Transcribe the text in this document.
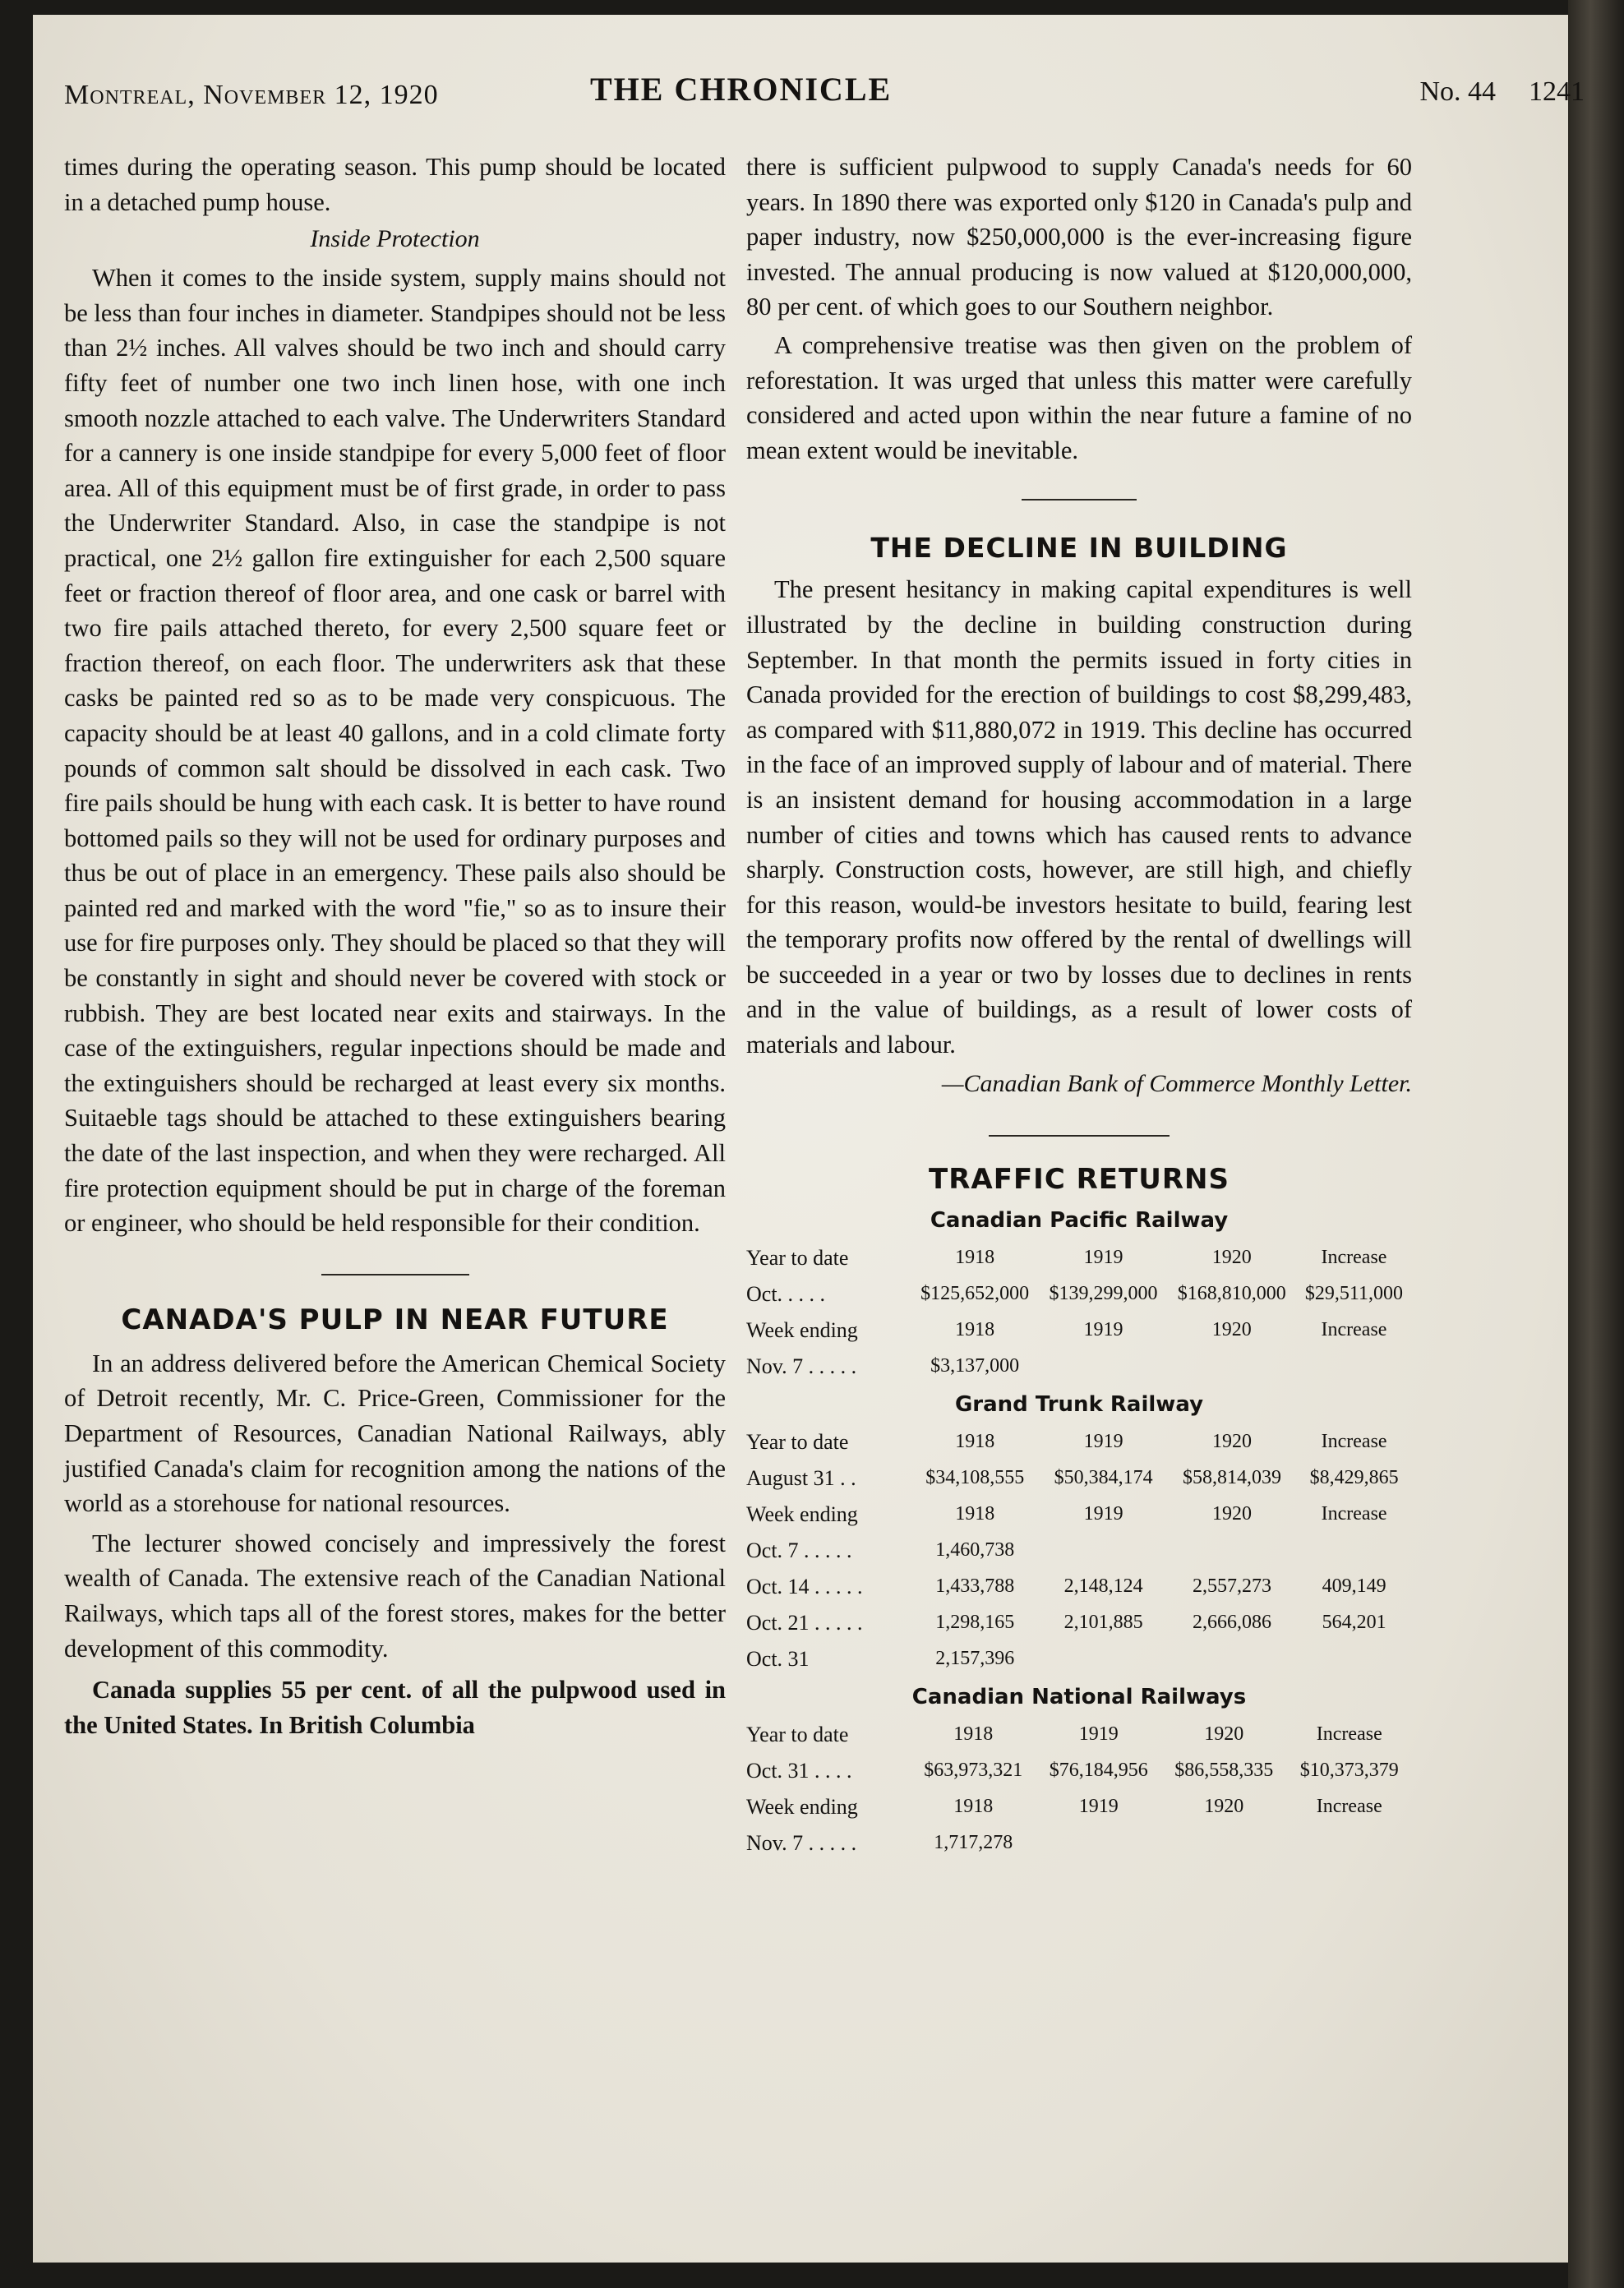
Montreal, November 12, 1920	THE CHRONICLE	No. 44 1241

times during the operating season. This pump should be located in a detached pump house.

Inside Protection

When it comes to the inside system, supply mains should not be less than four inches in diameter. Standpipes should not be less than 2½ inches. All valves should be two inch and should carry fifty feet of number one two inch linen hose, with one inch smooth nozzle attached to each valve. The Underwriters Standard for a cannery is one inside standpipe for every 5,000 feet of floor area. All of this equipment must be of first grade, in order to pass the Underwriter Standard. Also, in case the standpipe is not practical, one 2½ gallon fire extinguisher for each 2,500 square feet or fraction thereof of floor area, and one cask or barrel with two fire pails attached thereto, for every 2,500 square feet or fraction thereof, on each floor. The underwriters ask that these casks be painted red so as to be made very conspicuous. The capacity should be at least 40 gallons, and in a cold climate forty pounds of common salt should be dissolved in each cask. Two fire pails should be hung with each cask. It is better to have round bottomed pails so they will not be used for ordinary purposes and thus be out of place in an emergency. These pails also should be painted red and marked with the word "fie," so as to insure their use for fire purposes only. They should be placed so that they will be constantly in sight and should never be covered with stock or rubbish. They are best located near exits and stairways. In the case of the extinguishers, regular inpections should be made and the extinguishers should be recharged at least every six months. Suitaeble tags should be attached to these extinguishers bearing the date of the last inspection, and when they were recharged. All fire protection equipment should be put in charge of the foreman or engineer, who should be held responsible for their condition.

CANADA'S PULP IN NEAR FUTURE

In an address delivered before the American Chemical Society of Detroit recently, Mr. C. Price-Green, Commissioner for the Department of Resources, Canadian National Railways, ably justified Canada's claim for recognition among the nations of the world as a storehouse for national resources.

The lecturer showed concisely and impressively the forest wealth of Canada. The extensive reach of the Canadian National Railways, which taps all of the forest stores, makes for the better development of this commodity.

Canada supplies 55 per cent. of all the pulpwood used in the United States. In British Columbia

there is sufficient pulpwood to supply Canada's needs for 60 years. In 1890 there was exported only $120 in Canada's pulp and paper industry, now $250,000,000 is the ever-increasing figure invested. The annual producing is now valued at $120,000,000, 80 per cent. of which goes to our Southern neighbor.

A comprehensive treatise was then given on the problem of reforestation. It was urged that unless this matter were carefully considered and acted upon within the near future a famine of no mean extent would be inevitable.

THE DECLINE IN BUILDING

The present hesitancy in making capital expenditures is well illustrated by the decline in building construction during September. In that month the permits issued in forty cities in Canada provided for the erection of buildings to cost $8,299,483, as compared with $11,880,072 in 1919. This decline has occurred in the face of an improved supply of labour and of material. There is an insistent demand for housing accommodation in a large number of cities and towns which has caused rents to advance sharply. Construction costs, however, are still high, and chiefly for this reason, would-be investors hesitate to build, fearing lest the temporary profits now offered by the rental of dwellings will be succeeded in a year or two by losses due to declines in rents and in the value of buildings, as a result of lower costs of materials and labour.

—Canadian Bank of Commerce Monthly Letter.
TRAFFIC RETURNS
Canadian Pacific Railway
Year to date	1918	1919	1920	Increase
Oct. . . . .	$125,652,000	$139,299,000	$168,810,000	$29,511,000
Week ending	1918	1919	1920	Increase
Nov. 7 . . . . .	$3,137,000			
Grand Trunk Railway
Year to date	1918	1919	1920	Increase
August 31 . .	$34,108,555	$50,384,174	$58,814,039	$8,429,865
Week ending	1918	1919	1920	Increase
Oct. 7 . . . . .	1,460,738			
Oct. 14 . . . . .	1,433,788	2,148,124	2,557,273	409,149
Oct. 21 . . . . .	1,298,165	2,101,885	2,666,086	564,201
Oct. 31	2,157,396			
Canadian National Railways
Year to date	1918	1919	1920	Increase
Oct. 31 . . . .	$63,973,321	$76,184,956	$86,558,335	$10,373,379
Week ending	1918	1919	1920	Increase
Nov. 7 . . . . .	1,717,278			
